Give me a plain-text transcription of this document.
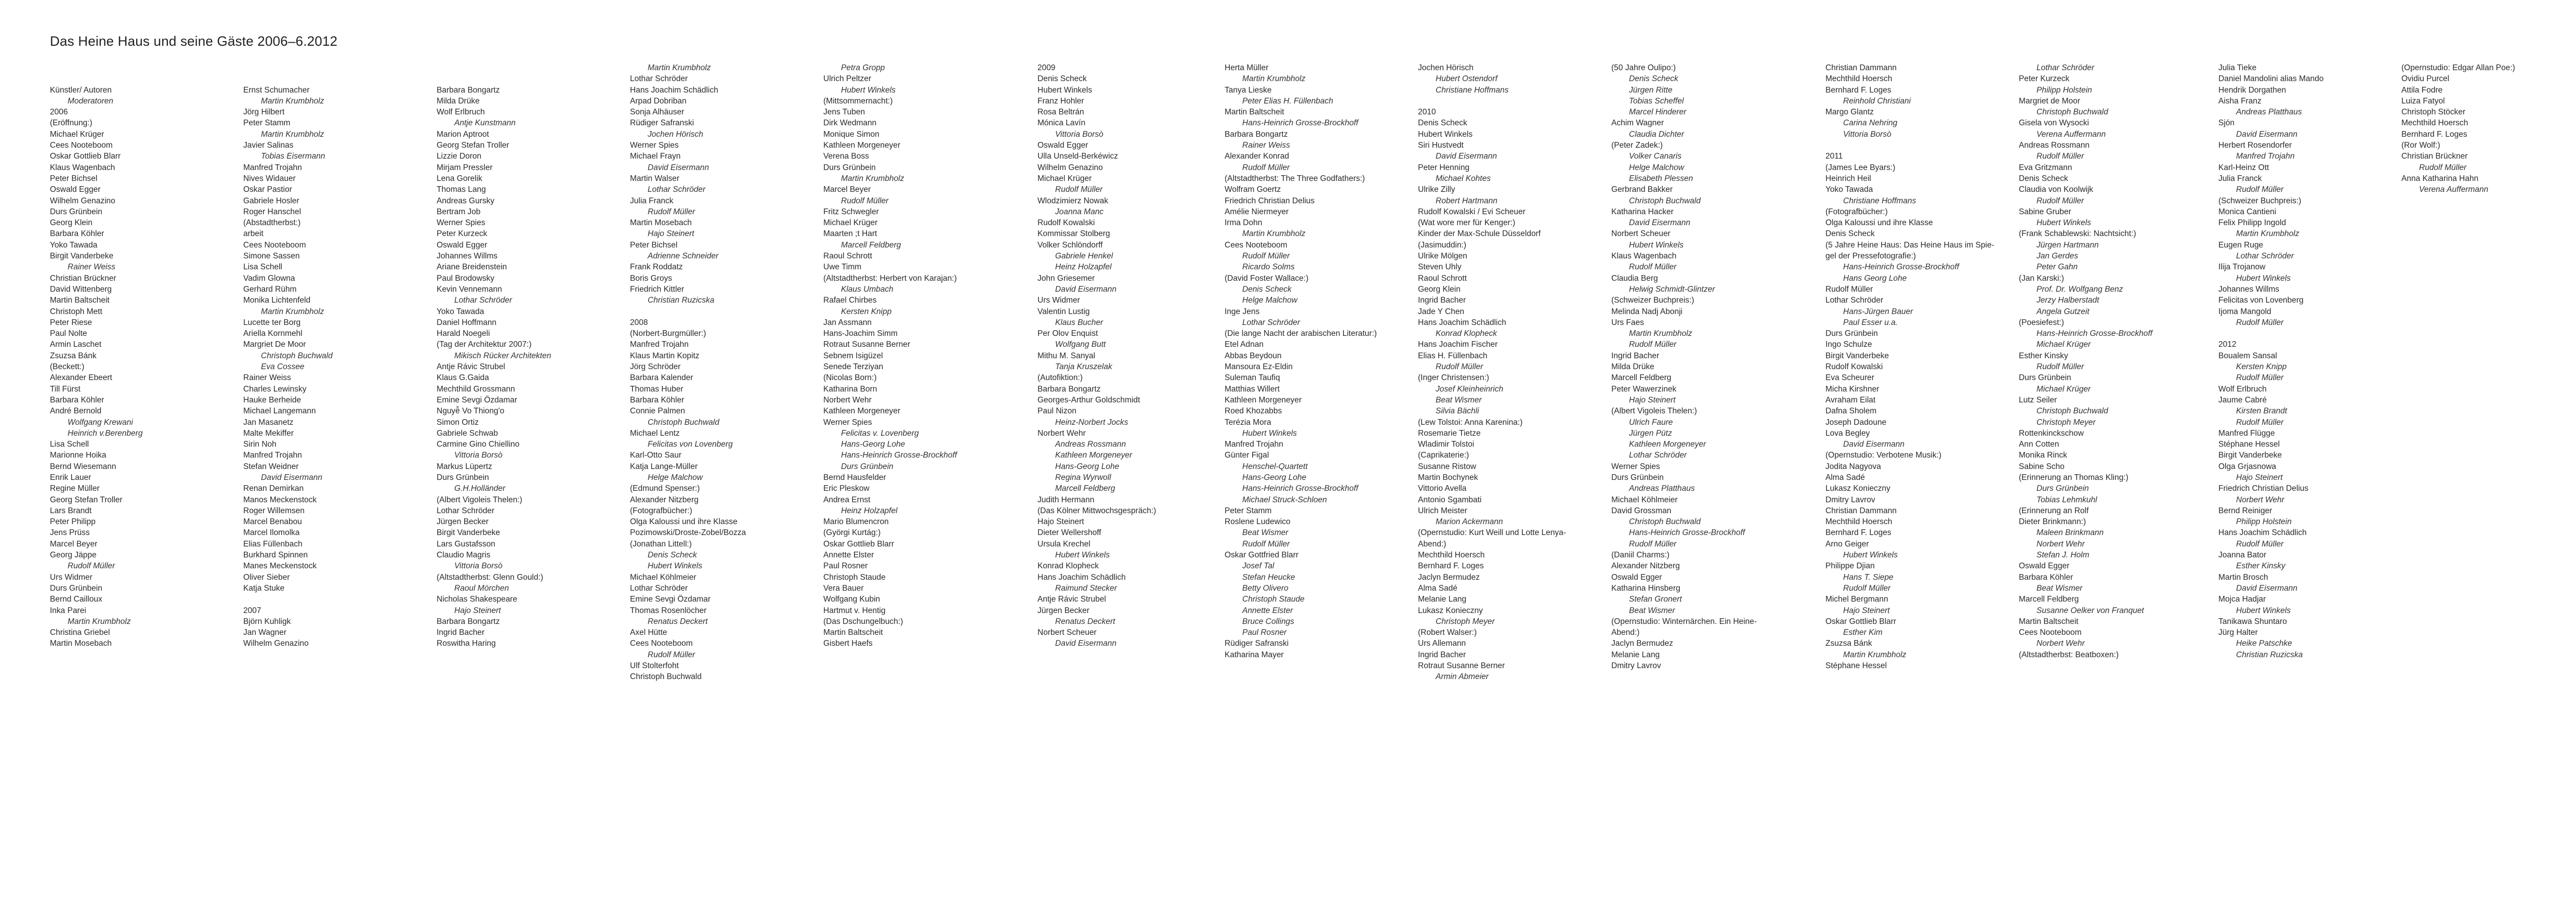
Das Heine Haus und seine Gäste 2006–6.2012
Künstler/ Autoren
Moderatoren
2006
(Eröffnung:)
Michael Krüger
Cees Nooteboom
Oskar Gottlieb Blarr
Klaus Wagenbach
Peter Bichsel
Oswald Egger
Wilhelm Genazino
Durs Grünbein
Georg Klein
Barbara Köhler
Yoko Tawada
Birgit Vanderbeke
Rainer Weiss
Christian Brückner
David Wittenberg
Martin Baltscheit
Christoph Mett
Peter Riese
Paul Nolte
Armin Laschet
Zsuzsa Bánk
(Beckett:)
Alexander Ebeert
Till Fürst
Barbara Köhler
André Bernold
Wolfgang Krewani
Heinrich v.Berenberg
Lisa Schell
Marionne Hoika
Bernd Wiesemann
Enrik Lauer
Regine Müller
Georg Stefan Troller
Lars Brandt
Peter Philipp
Jens Prüss
Marcel Beyer
Georg Jäppe
Rudolf Müller
Urs Widmer
Durs Grünbein
Bernd Cailloux
Inka Parei
Martin Krumbholz
Christina Griebel
Martin Mosebach
Ernst Schumacher
Martin Krumbholz
Jörg Hilbert
Peter Stamm
Martin Krumbholz
Javier Salinas
Tobias Eisermann
Manfred Trojahn
Nives Widauer
Oskar Pastior
Gabriele Hosler
Roger Hanschel
(Abstadtherbst:)
arbeit
Cees Nooteboom
Simone Sassen
Lisa Schell
Vadim Glowna
Gerhard Rühm
Monika Lichtenfeld
Martin Krumbholz
Lucette ter Borg
Ariella Kornmehl
Margriet De Moor
Christoph Buchwald
Eva Cossee
Rainer Weiss
Charles Lewinsky
Hauke Berheide
Michael Langemann
Jan Masanetz
Malte Mekiffer
Sirin Noh
Manfred Trojahn
Stefan Weidner
David Eisermann
Renan Demirkan
Manos Meckenstock
Roger Willemsen
Marcel Benabou
Marcel Ilomolka
Elias Füllenbach
Burkhard Spinnen
Manes Meckenstock
Oliver Sieber
Katja Stuke
2007
Björn Kuhligk
Jan Wagner
Wilhelm Genazino
Barbara Bongartz
Milda Drüke
Wolf Erlbruch
Antje Kunstmann
Marion Aptroot
Georg Stefan Troller
Lizzie Doron
Mirjam Pressler
Lena Gorelik
Thomas Lang
Andreas Gursky
Bertram Job
Werner Spies
Peter Kurzeck
Oswald Egger
Johannes Willms
Ariane Breidenstein
Paul Brodowsky
Kevin Vennemann
Lothar Schröder
Yoko Tawada
Daniel Hoffmann
Harald Noegeli
(Tag der Architektur 2007:)
Mikisch Rücker Architekten
Antje Rávic Strubel
Klaus G.Gaida
Mechthild Grossmann
Emine Sevgi Özdamar
Nguyễ Vo Thiong'o
Simon Ortiz
Gabriele Schwab
Carmine Gino Chiellino
Vittoria Borsò
Markus Lüpertz
Durs Grünbein
G.H.Holländer
(Albert Vigoleis Thelen:)
Lothar Schröder
Jürgen Becker
Birgit Vanderbeke
Lars Gustafsson
Claudio Magris
Vittoria Borsò
(Altstadtherbst: Glenn Gould:)
Raoul Mörchen
Nicholas Shakespeare
Hajo Steinert
Barbara Bongartz
Ingrid Bacher
Roswitha Haring
Martin Krumbholz
Lothar Schröder
Hans Joachim Schädlich
Arpad Dobriban
Sonja Alhäuser
Rüdiger Safranski
Jochen Hörisch
Werner Spies
Michael Frayn
David Eisermann
Martin Walser
Lothar Schröder
Julia Franck
Rudolf Müller
Martin Mosebach
Hajo Steinert
Peter Bichsel
Adrienne Schneider
Frank Roddatz
Boris Groys
Friedrich Kittler
Christian Ruzicska
2008
(Norbert-Burgmüller:)
Manfred Trojahn
Klaus Martin Kopitz
Jörg Schröder
Barbara Kalender
Thomas Huber
Barbara Köhler
Connie Palmen
Christoph Buchwald
Michael Lentz
Felicitas von Lovenberg
Karl-Otto Saur
Katja Lange-Müller
Helge Malchow
(Edmund Spenser:)
Alexander Nitzberg
(Fotografbücher:)
Olga Kaloussi und ihre Klasse
Pozimowski/Droste-Zobel/Bozza
(Jonathan Littell:)
Denis Scheck
Hubert Winkels
Michael Köhlmeier
Lothar Schröder
Emine Sevgi Özdamar
Thomas Rosenlöcher
Renatus Deckert
Axel Hütte
Cees Nooteboom
Rudolf Müller
Ulf Stolterfoht
Christoph Buchwald
Petra Gropp
Ulrich Peltzer
Hubert Winkels
(Mittsommernacht:)
Jens Tuben
Dirk Wedmann
Monique Simon
Kathleen Morgeneyer
Verena Boss
Durs Grünbein
Martin Krumbholz
Marcel Beyer
Rudolf Müller
Fritz Schwegler
Michael Krüger
Maarten ;t Hart
Marcell Feldberg
Raoul Schrott
Uwe Timm
(Altstadtherbst: Herbert von Karajan:)
Klaus Umbach
Rafael Chirbes
Kersten Knipp
Jan Assmann
Hans-Joachim Simm
Rotraut Susanne Berner
Sebnem Isigüzel
Senede Terziyan
(Nicolas Born:)
Katharina Born
Norbert Wehr
Kathleen Morgeneyer
Werner Spies
Felicitas v. Lovenberg
Hans-Georg Lohe
Hans-Heinrich Grosse-Brockhoff
Durs Grünbein
Bernd Hausfelder
Eric Pleskow
Andrea Ernst
Heinz Holzapfel
Mario Blumencron
(Györgi Kurtág:)
Oskar Gottlieb Blarr
Annette Elster
Paul Rosner
Christoph Staude
Vera Bauer
Wolfgang Kubin
Hartmut v. Hentig
(Das Dschungelbuch:)
Martin Baltscheit
Gisbert Haefs
2009
Denis Scheck
Hubert Winkels
Franz Hohler
Rosa Beltrán
Mónica Lavín
Vittoria Borsò
Oswald Egger
Ulla Unseld-Berkéwicz
Wilhelm Genazino
Michael Krüger
Rudolf Müller
Wlodzimierz Nowak
Joanna Manc
Rudolf Kowalski
Kommissar Stolberg
Volker Schlöndorff
Gabriele Henkel
Heinz Holzapfel
John Griesemer
David Eisermann
Urs Widmer
Valentin Lustig
Klaus Bucher
Per Olov Enquist
Wolfgang Butt
Mithu M. Sanyal
Tanja Kruszelak
(Autofiktion:)
Barbara Bongartz
Georges-Arthur Goldschmidt
Paul Nizon
Heinz-Norbert Jocks
Norbert Wehr
Andreas Rossmann
Kathleen Morgeneyer
Hans-Georg Lohe
Regina Wyrwoll
Marcell Feldberg
Judith Hermann
(Das Kölner Mittwochsgespräch:)
Hajo Steinert
Dieter Wellershoff
Ursula Krechel
Hubert Winkels
Konrad Klopheck
Hans Joachim Schädlich
Raimund Stecker
Antje Rávic Strubel
Jürgen Becker
Renatus Deckert
Norbert Scheuer
David Eisermann
Herta Müller
Martin Krumbholz
Tanya Lieske
Peter Elias H. Füllenbach
Martin Baltscheit
Hans-Heinrich Grosse-Brockhoff
Barbara Bongartz
Rainer Weiss
Alexander Konrad
Rudolf Müller
(Altstadtherbst: The Three Godfathers:)
Wolfram Goertz
Friedrich Christian Delius
Amélie Niermeyer
Irma Dohn
Martin Krumbholz
Cees Nooteboom
Rudolf Müller
Ricardo Solms
(David Foster Wallace:)
Denis Scheck
Helge Malchow
Inge Jens
Lothar Schröder
(Die lange Nacht der arabischen Literatur:)
Etel Adnan
Abbas Beydoun
Mansoura Ez-Eldin
Suleman Taufiq
Matthias Willert
Kathleen Morgeneyer
Roed Khozabbs
Terézia Mora
Hubert Winkels
Manfred Trojahn
Günter Figal
Henschel-Quartett
Hans-Georg Lohe
Hans-Heinrich Grosse-Brockhoff
Michael Struck-Schloen
Peter Stamm
Roslene Ludewico
Beat Wismer
Rudolf Müller
Oskar Gottfried Blarr
Josef Tal
Stefan Heucke
Betty Olivero
Christoph Staude
Annette Elster
Bruce Collings
Paul Rosner
Rüdiger Safranski
Katharina Mayer
Jochen Hörisch
Hubert Ostendorf
Christiane Hoffmans
2010
Denis Scheck
Hubert Winkels
Siri Hustvedt
David Eisermann
Peter Henning
Michael Kohtes
Ulrike Zilly
Robert Hartmann
Rudolf Kowalski / Evi Scheuer
(Wat wore mer für Kenger:)
Kinder der Max-Schule Düsseldorf
(Jasimuddin:)
Ulrike Mölgen
Steven Uhly
Raoul Schrott
Georg Klein
Ingrid Bacher
Jade Y Chen
Hans Joachim Schädlich
Konrad Klopheck
Hans Joachim Fischer
Elias H. Füllenbach
Rudolf Müller
(Inger Christensen:)
Josef Kleinheinrich
Beat Wismer
Silvia Bächli
(Lew Tolstoi: Anna Karenina:)
Rosemarie Tietze
Wladimir Tolstoi
(Caprikaterie:)
Susanne Ristow
Martin Bochynek
Vittorio Avella
Antonio Sgambati
Ulrich Meister
Marion Ackermann
(Opernstudio: Kurt Weill und Lotte Lenya-
Abend:)
Mechthild Hoersch
Bernhard F. Loges
Jaclyn Bermudez
Alma Sadé
Melanie Lang
Lukasz Konieczny
Christoph Meyer
(Robert Walser:)
Urs Allemann
Ingrid Bacher
Rotraut Susanne Berner
Armin Abmeier
(50 Jahre Oulipo:)
Denis Scheck
Jürgen Ritte
Tobias Scheffel
Marcel Hinderer
Achim Wagner
Claudia Dichter
(Peter Zadek:)
Volker Canaris
Helge Malchow
Elisabeth Plessen
Gerbrand Bakker
Christoph Buchwald
Katharina Hacker
David Eisermann
Norbert Scheuer
Hubert Winkels
Klaus Wagenbach
Rudolf Müller
Claudia Berg
Helwig Schmidt-Glintzer
(Schweizer Buchpreis:)
Melinda Nadj Abonji
Urs Faes
Martin Krumbholz
Rudolf Müller
Ingrid Bacher
Milda Drüke
Marcell Feldberg
Peter Wawerzinek
Hajo Steinert
(Albert Vigoleis Thelen:)
Ulrich Faure
Jürgen Pütz
Kathleen Morgeneyer
Lothar Schröder
Werner Spies
Durs Grünbein
Andreas Platthaus
Michael Köhlmeier
David Grossman
Christoph Buchwald
Hans-Heinrich Grosse-Brockhoff
Rudolf Müller
(Daniil Charms:)
Alexander Nitzberg
Oswald Egger
Katharina Hinsberg
Stefan Gronert
Beat Wismer
(Opernstudio: Winternärchen. Ein Heine-
Abend:)
Jaclyn Bermudez
Melanie Lang
Dmitry Lavrov
Christian Dammann
Mechthild Hoersch
Bernhard F. Loges
Reinhold Christiani
Margo Glantz
Carina Nehring
Vittoria Borsò
2011
(James Lee Byars:)
Heinrich Heil
Yoko Tawada
Christiane Hoffmans
(Fotografbücher:)
Olga Kaloussi und ihre Klasse
Denis Scheck
(5 Jahre Heine Haus: Das Heine Haus im Spie-
gel der Pressefotografie:)
Hans-Heinrich Grosse-Brockhoff
Hans Georg Lohe
Rudolf Müller
Lothar Schröder
Hans-Jürgen Bauer
Paul Esser u.a.
Durs Grünbein
Ingo Schulze
Birgit Vanderbeke
Rudolf Kowalski
Eva Scheurer
Micha Kirshner
Avraham Eilat
Dafna Sholem
Joseph Dadoune
Lova Begley
David Eisermann
(Opernstudio: Verbotene Musik:)
Jodita Nagyova
Alma Sadé
Lukasz Konieczny
Dmitry Lavrov
Christian Dammann
Mechthild Hoersch
Bernhard F. Loges
Arno Geiger
Hubert Winkels
Philippe Djian
Hans T. Siepe
Rudolf Müller
Michel Bergmann
Hajo Steinert
Oskar Gottlieb Blarr
Esther Kim
Zsuzsa Bánk
Martin Krumbholz
Stéphane Hessel
Lothar Schröder
Peter Kurzeck
Philipp Holstein
Margriet de Moor
Christoph Buchwald
Gisela von Wysocki
Verena Auffermann
Andreas Rossmann
Rudolf Müller
Eva Gritzmann
Denis Scheck
Claudia von Koolwijk
Rudolf Müller
Sabine Gruber
Hubert Winkels
(Frank Schablewski: Nachtsicht:)
Jürgen Hartmann
Jan Gerdes
Peter Gahn
(Jan Karski:)
Prof. Dr. Wolfgang Benz
Jerzy Halberstadt
Angela Gutzeit
(Poesiefest:)
Hans-Heinrich Grosse-Brockhoff
Michael Krüger
Esther Kinsky
Rudolf Müller
Durs Grünbein
Michael Krüger
Lutz Seiler
Christoph Buchwald
Christoph Meyer
Rottenkinckschow
Ann Cotten
Monika Rinck
Sabine Scho
(Erinnerung an Thomas Kling:)
Durs Grünbein
Tobias Lehmkuhl
(Erinnerung an Rolf
Dieter Brinkmann:)
Maleen Brinkmann
Norbert Wehr
Stefan J. Holm
Oswald Egger
Barbara Köhler
Beat Wismer
Marcell Feldberg
Susanne Oelker von Franquet
Martin Baltscheit
Cees Nooteboom
Norbert Wehr
(Altstadtherbst: Beatboxen:)
Julia Tieke
Daniel Mandolini alias Mando
Hendrik Dorgathen
Aisha Franz
Andreas Platthaus
Sjón
David Eisermann
Herbert Rosendorfer
Manfred Trojahn
Karl-Heinz Ott
Julia Franck
Rudolf Müller
(Schweizer Buchpreis:)
Monica Cantieni
Felix Philipp Ingold
Martin Krumbholz
Eugen Ruge
Lothar Schröder
Ilija Trojanow
Hubert Winkels
Johannes Willms
Felicitas von Lovenberg
Ijoma Mangold
Rudolf Müller
2012
Boualem Sansal
Kersten Knipp
Rudolf Müller
Wolf Erlbruch
Jaume Cabré
Kirsten Brandt
Rudolf Müller
Manfred Flügge
Stéphane Hessel
Birgit Vanderbeke
Olga Grjasnowa
Hajo Steinert
Friedrich Christian Delius
Norbert Wehr
Bernd Reiniger
Philipp Holstein
Hans Joachim Schädlich
Rudolf Müller
Joanna Bator
Esther Kinsky
Martin Brosch
David Eisermann
Mojca Hadjar
Hubert Winkels
Tanikawa Shuntaro
Jürg Halter
Heike Patschke
Christian Ruzicska
(Opernstudio: Edgar Allan Poe:)
Ovidiu Purcel
Attila Fodre
Luiza Fatyol
Christoph Stöcker
Mechthild Hoersch
Bernhard F. Loges
(Ror Wolf:)
Christian Brückner
Rudolf Müller
Anna Katharina Hahn
Verena Auffermann
